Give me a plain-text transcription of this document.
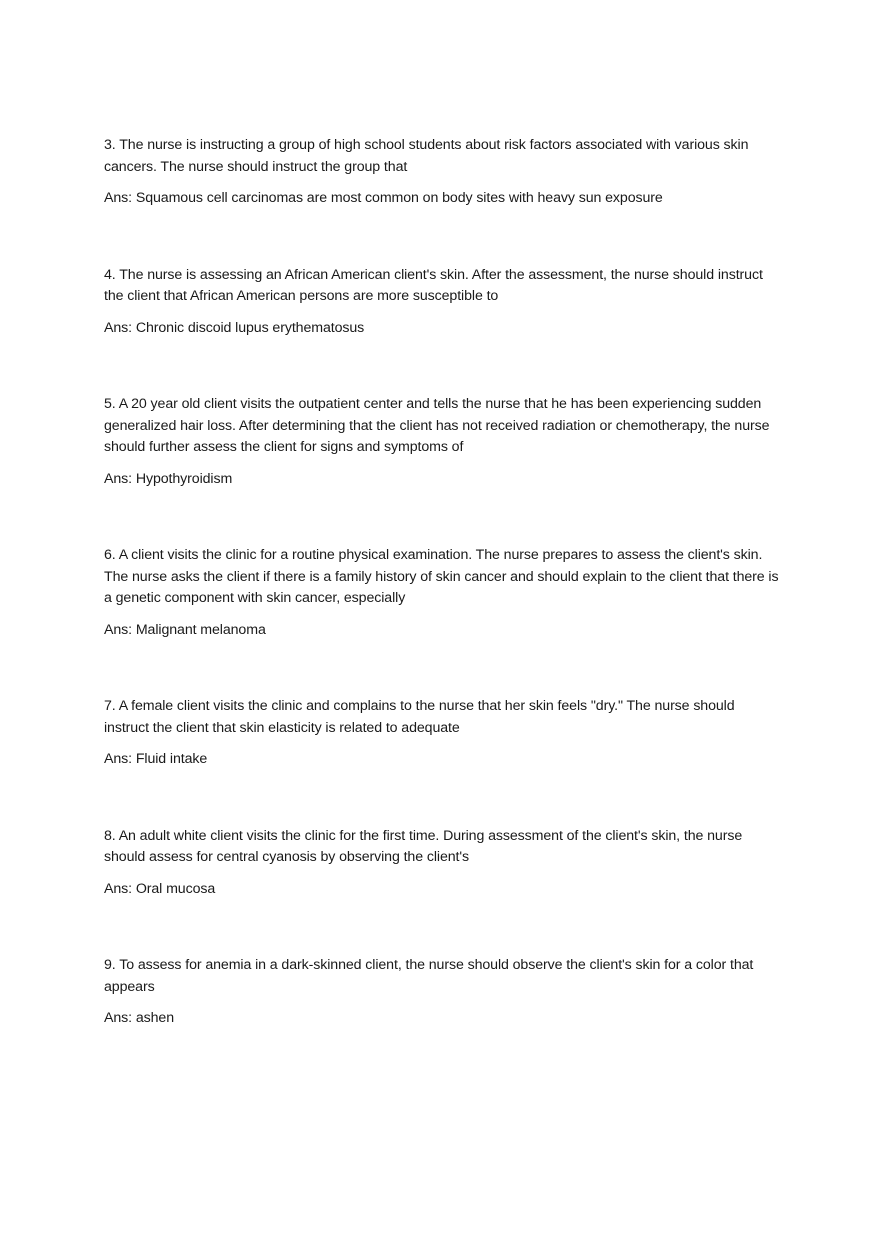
3. The nurse is instructing a group of high school students about risk factors associated with various skin cancers. The nurse should instruct the group that

Ans: Squamous cell carcinomas are most common on body sites with heavy sun exposure

4. The nurse is assessing an African American client's skin. After the assessment, the nurse should instruct the client that African American persons are more susceptible to

Ans: Chronic discoid lupus erythematosus

5. A 20 year old client visits the outpatient center and tells the nurse that he has been experiencing sudden generalized hair loss. After determining that the client has not received radiation or chemotherapy, the nurse should further assess the client for signs and symptoms of

Ans: Hypothyroidism

6. A client visits the clinic for a routine physical examination. The nurse prepares to assess the client's skin. The nurse asks the client if there is a family history of skin cancer and should explain to the client that there is a genetic component with skin cancer, especially

Ans: Malignant melanoma

7. A female client visits the clinic and complains to the nurse that her skin feels "dry." The nurse should instruct the client that skin elasticity is related to adequate

Ans: Fluid intake

8. An adult white client visits the clinic for the first time. During assessment of the client's skin, the nurse should assess for central cyanosis by observing the client's

Ans: Oral mucosa

9. To assess for anemia in a dark-skinned client, the nurse should observe the client's skin for a color that appears

Ans: ashen
